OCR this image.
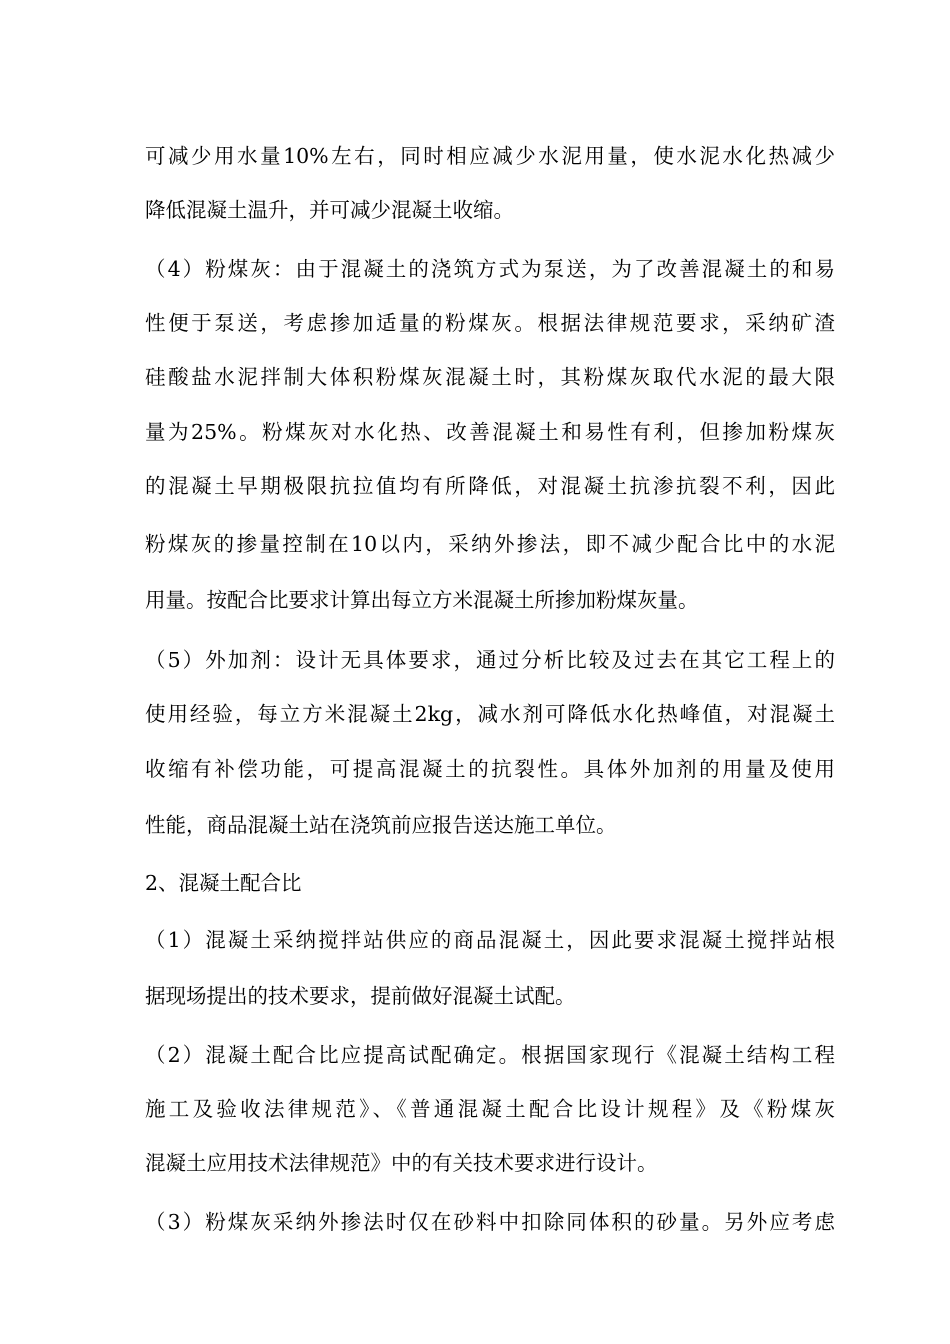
可减少用水量10%左右，同时相应减少水泥用量，使水泥水化热减少
降低混凝土温升，并可减少混凝土收缩。
（4）粉煤灰：由于混凝土的浇筑方式为泵送，为了改善混凝土的和易
性便于泵送，考虑掺加适量的粉煤灰。根据法律规范要求，采纳矿渣
硅酸盐水泥拌制大体积粉煤灰混凝土时，其粉煤灰取代水泥的最大限
量为25%。粉煤灰对水化热、改善混凝土和易性有利，但掺加粉煤灰
的混凝土早期极限抗拉值均有所降低，对混凝土抗渗抗裂不利，因此
粉煤灰的掺量控制在10以内，采纳外掺法，即不减少配合比中的水泥
用量。按配合比要求计算出每立方米混凝土所掺加粉煤灰量。
（5）外加剂：设计无具体要求，通过分析比较及过去在其它工程上的
使用经验，每立方米混凝土2kg，减水剂可降低水化热峰值，对混凝土
收缩有补偿功能，可提高混凝土的抗裂性。具体外加剂的用量及使用
性能，商品混凝土站在浇筑前应报告送达施工单位。
2、混凝土配合比
（1）混凝土采纳搅拌站供应的商品混凝土，因此要求混凝土搅拌站根
据现场提出的技术要求，提前做好混凝土试配。
（2）混凝土配合比应提高试配确定。根据国家现行《混凝土结构工程
施工及验收法律规范》、《普通混凝土配合比设计规程》及《粉煤灰
混凝土应用技术法律规范》中的有关技术要求进行设计。
（3）粉煤灰采纳外掺法时仅在砂料中扣除同体积的砂量。另外应考虑
